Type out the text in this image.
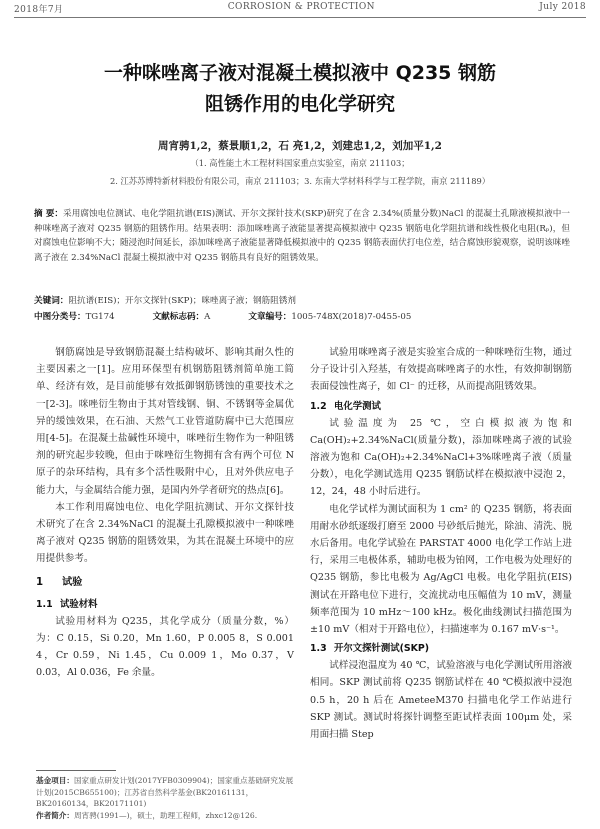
2018年7月	CORROSION & PROTECTION	July 2018
一种咪唑离子液对混凝土模拟液中 Q235 钢筋
阻锈作用的电化学研究
周宵骋1,2，蔡景顺1,2，石 亮1,2，刘建忠1,2，刘加平1,2
（1. 高性能土木工程材料国家重点实验室，南京 211103；
2. 江苏苏博特新材料股份有限公司，南京 211103；3. 东南大学材料科学与工程学院，南京 211189）
摘 要：采用腐蚀电位测试、电化学阻抗谱(EIS)测试、开尔文探针技术(SKP)研究了在含 2.34%(质量分数)NaCl 的混凝土孔隙液模拟液中一种咪唑离子液对 Q235 钢筋的阻锈作用。结果表明：添加咪唑离子液能显著提高模拟液中 Q235 钢筋电化学阻抗谱和线性极化电阻(Rₚ)，但对腐蚀电位影响不大；随浸泡时间延长，添加咪唑离子液能显著降低模拟液中的 Q235 钢筋表面伏打电位差，结合腐蚀形貌观察，说明该咪唑离子液在 2.34%NaCl 混凝土模拟液中对 Q235 钢筋具有良好的阻锈效果。
关键词：阻抗谱(EIS)；开尔文探针(SKP)；咪唑离子液；钢筋阻锈剂
中图分类号：TG174	文献标志码：A	文章编号：1005-748X(2018)7-0455-05

钢筋腐蚀是导致钢筋混凝土结构破坏、影响其耐久性的主要因素之一[1]。应用环保型有机钢筋阻锈剂简单施工简单、经济有效，是目前能够有效抵御钢筋锈蚀的重要技术之一[2-3]。咪唑衍生物由于其对管线钢、铜、不锈钢等金属优异的缓蚀效果，在石油、天然气工业管道防腐中已大范围应用[4-5]。在混凝土盐碱性环境中，咪唑衍生物作为一种阻锈剂的研究起步较晚，但由于咪唑衍生物拥有含有两个可位 N 原子的杂环结构，具有多个活性吸附中心，且对外供应电子能力大，与金属结合能力强，是国内外学者研究的热点[6]。

本工作利用腐蚀电位、电化学阻抗测试、开尔文探针技术研究了在含 2.34%NaCl 的混凝土孔隙模拟液中一种咪唑离子液对 Q235 钢筋的阻锈效果，为其在混凝土环境中的应用提供参考。

1 试验
1.1 试验材料

试验用材料为 Q235，其化学成分（质量分数，%）为：C 0.15，Si 0.20，Mn 1.60，P 0.005 8，S 0.001 4，Cr 0.59，Ni 1.45，Cu 0.009 1，Mo 0.37，V 0.03，Al 0.036，Fe 余量。

试验用咪唑离子液是实验室合成的一种咪唑衍生物，通过分子设计引入羟基，有效提高咪唑离子的水性，有效抑制钢筋表面侵蚀性离子，如 Cl⁻ 的迁移，从而提高阻锈效果。

1.2 电化学测试

试验温度为 25 ℃，空白模拟液为饱和 Ca(OH)₂+2.34%NaCl(质量分数)，添加咪唑离子液的试验溶液为饱和 Ca(OH)₂+2.34%NaCl+3%咪唑离子液（质量分数），电化学测试选用 Q235 钢筋试样在模拟液中浸泡 2，12，24，48 小时后进行。

电化学试样为测试面积为 1 cm² 的 Q235 钢筋，将表面用耐水砂纸逐级打磨至 2000 号砂纸后抛光，除油、清洗、脱水后备用。电化学试验在 PARSTAT 4000 电化学工作站上进行，采用三电极体系，辅助电极为铂网，工作电极为处理好的 Q235 钢筋，参比电极为 Ag/AgCl 电极。电化学阻抗(EIS)测试在开路电位下进行，交流扰动电压幅值为 10 mV，测量频率范围为 10 mHz～100 kHz。极化曲线测试扫描范围为 ±10 mV（相对于开路电位），扫描速率为 0.167 mV·s⁻¹。

1.3 开尔文探针测试(SKP)

试样浸泡温度为 40 ℃，试验溶液与电化学测试所用溶液相同。SKP 测试前将 Q235 钢筋试样在 40 ℃模拟液中浸泡 0.5 h，20 h 后在 AmeteeM370 扫描电化学工作站进行 SKP 测试。测试时将探针调整至距试样表面 100μm 处，采用面扫描 Step

基金项目：国家重点研发计划(2017YFB0309904)；国家重点基础研究发展计划(2015CB655100)；江苏省自然科学基金(BK20161131，BK20160134，BK20171101)
作者简介：周宵骋(1991—)，硕士，助理工程师，zhxc12@126.
